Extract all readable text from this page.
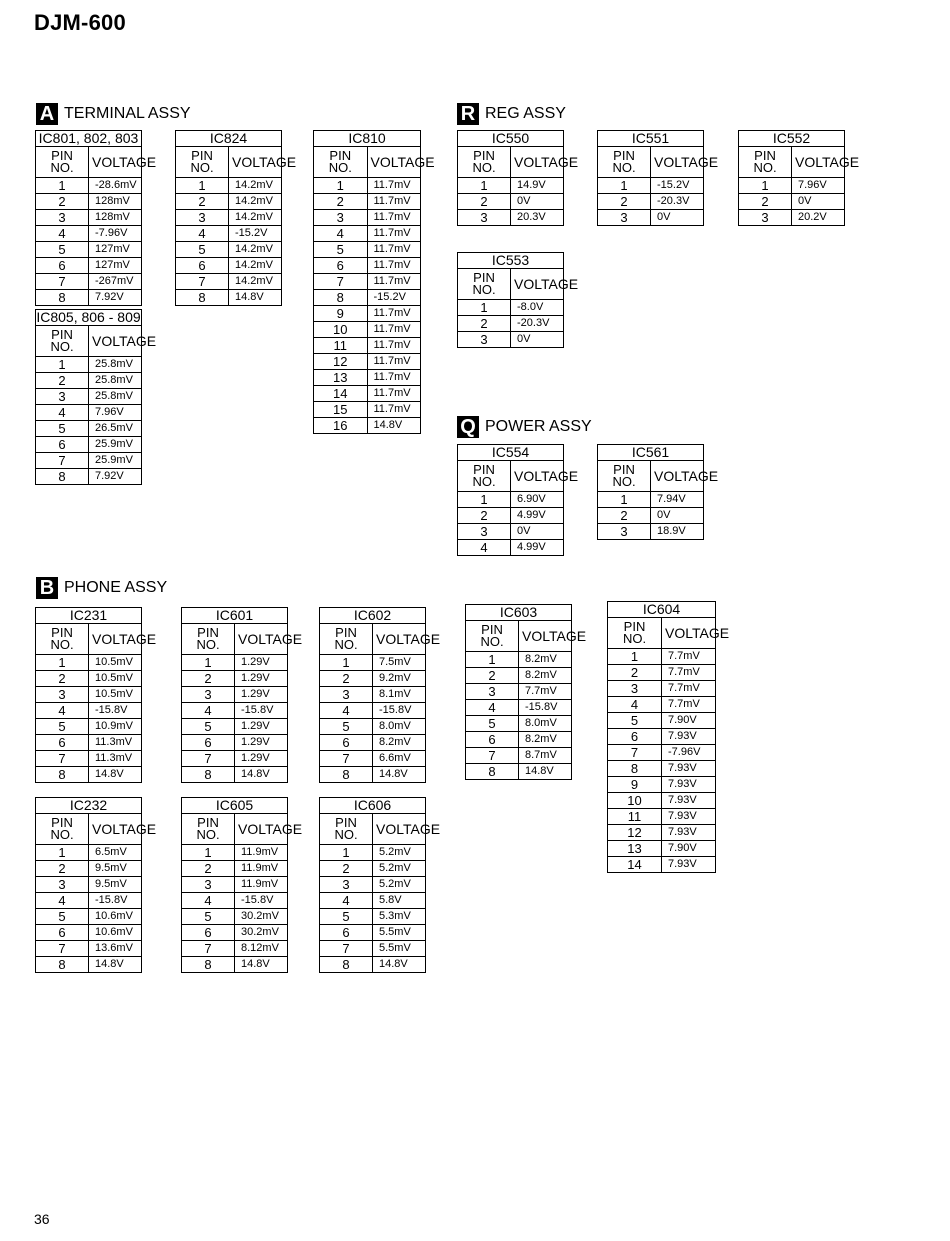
DJM-600
36
A TERMINAL ASSY	R REG ASSY
Q POWER ASSY
B PHONE ASSY
IC801, 802, 803	

PIN
NO.	VOLTAGE
1	-28.6mV
2	128mV
3	128mV
4	-7.96V
5	127mV
6	127mV
7	-267mV
8	7.92V
IC824	

PIN
NO.	VOLTAGE
1	14.2mV
2	14.2mV
3	14.2mV
4	-15.2V
5	14.2mV
6	14.2mV
7	14.2mV
8	14.8V
IC810	

PIN
NO.	VOLTAGE
1	11.7mV
2	11.7mV
3	11.7mV
4	11.7mV
5	11.7mV
6	11.7mV
7	11.7mV
8	-15.2V
9	11.7mV
10	11.7mV
11	11.7mV
12	11.7mV
13	11.7mV
14	11.7mV
15	11.7mV
16	14.8V
IC805, 806 - 809	

PIN
NO.	VOLTAGE
1	25.8mV
2	25.8mV
3	25.8mV
4	7.96V
5	26.5mV
6	25.9mV
7	25.9mV
8	7.92V
IC550	

PIN
NO.	VOLTAGE
1	14.9V
2	0V
3	20.3V
IC551	

PIN
NO.	VOLTAGE
1	-15.2V
2	-20.3V
3	0V
IC552	

PIN
NO.	VOLTAGE
1	7.96V
2	0V
3	20.2V
IC553	

PIN
NO.	VOLTAGE
1	-8.0V
2	-20.3V
3	0V
IC554	

PIN
NO.	VOLTAGE
1	6.90V
2	4.99V
3	0V
4	4.99V
IC561	

PIN
NO.	VOLTAGE
1	7.94V
2	0V
3	18.9V
IC231	

PIN
NO.	VOLTAGE
1	10.5mV
2	10.5mV
3	10.5mV
4	-15.8V
5	10.9mV
6	11.3mV
7	11.3mV
8	14.8V
IC601	

PIN
NO.	VOLTAGE
1	1.29V
2	1.29V
3	1.29V
4	-15.8V
5	1.29V
6	1.29V
7	1.29V
8	14.8V
IC602	

PIN
NO.	VOLTAGE
1	7.5mV
2	9.2mV
3	8.1mV
4	-15.8V
5	8.0mV
6	8.2mV
7	6.6mV
8	14.8V
IC603	

PIN
NO.	VOLTAGE
1	8.2mV
2	8.2mV
3	7.7mV
4	-15.8V
5	8.0mV
6	8.2mV
7	8.7mV
8	14.8V
IC604	

PIN
NO.	VOLTAGE
1	7.7mV
2	7.7mV
3	7.7mV
4	7.7mV
5	7.90V
6	7.93V
7	-7.96V
8	7.93V
9	7.93V
10	7.93V
11	7.93V
12	7.93V
13	7.90V
14	7.93V
IC232	

PIN
NO.	VOLTAGE
1	6.5mV
2	9.5mV
3	9.5mV
4	-15.8V
5	10.6mV
6	10.6mV
7	13.6mV
8	14.8V
IC605	

PIN
NO.	VOLTAGE
1	11.9mV
2	11.9mV
3	11.9mV
4	-15.8V
5	30.2mV
6	30.2mV
7	8.12mV
8	14.8V
IC606	

PIN
NO.	VOLTAGE
1	5.2mV
2	5.2mV
3	5.2mV
4	5.8V
5	5.3mV
6	5.5mV
7	5.5mV
8	14.8V
